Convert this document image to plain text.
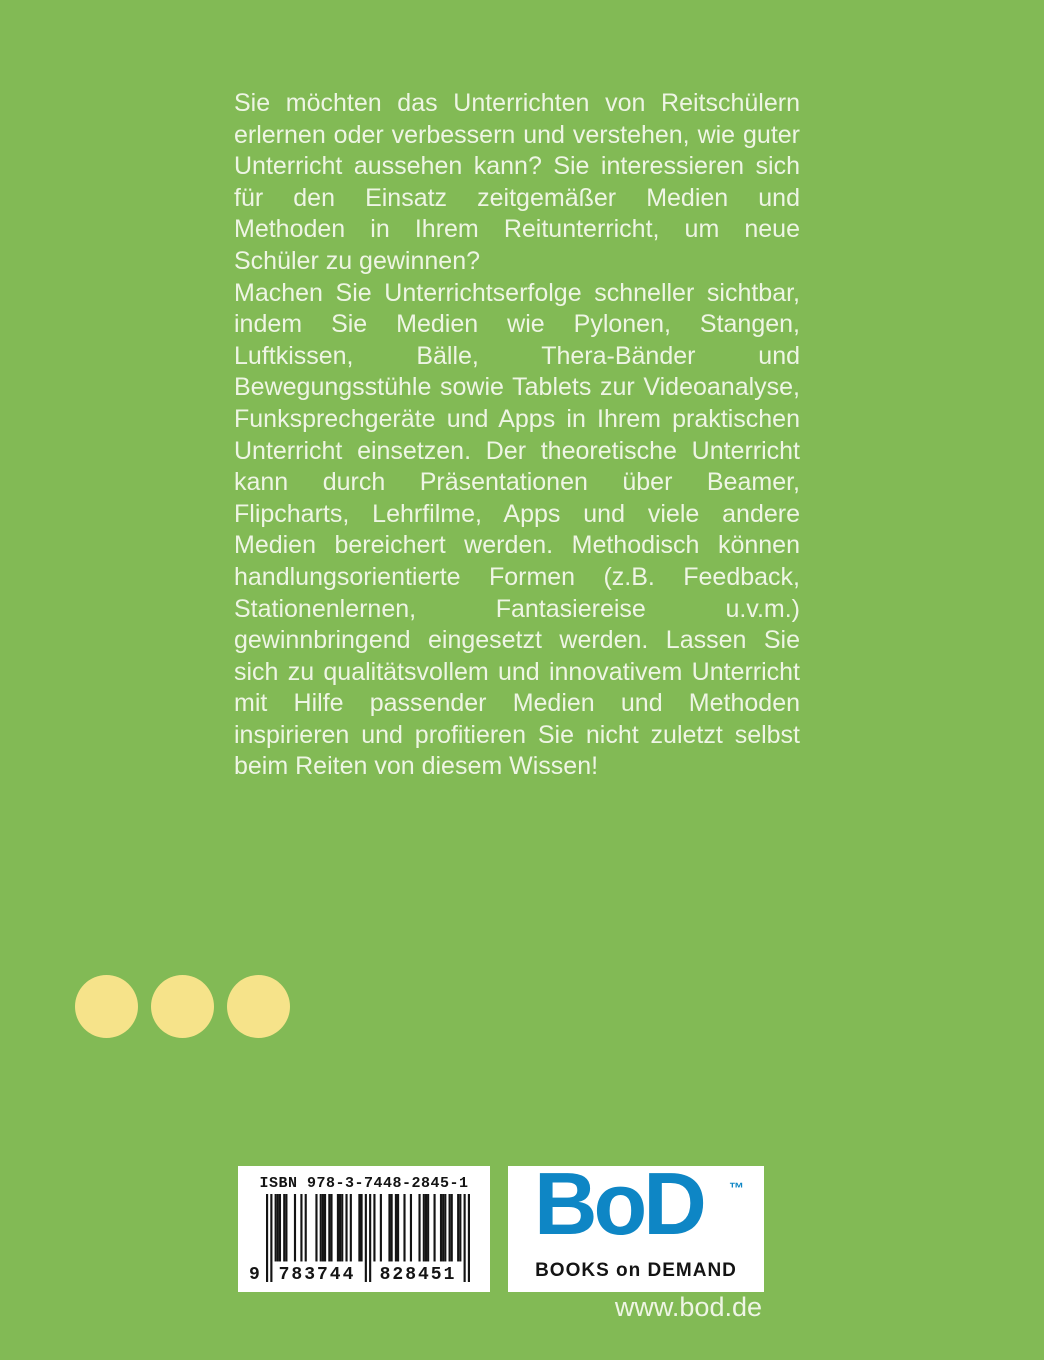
Sie möchten das Unterrichten von Reitschülern erlernen oder verbessern und verstehen, wie guter Unterricht aussehen kann? Sie interessieren sich für den Einsatz zeitgemäßer Medien und Methoden in Ihrem Reitunterricht, um neue Schüler zu gewinnen?

Machen Sie Unterrichtserfolge schneller sichtbar, indem Sie Medien wie Pylonen, Stangen, Luftkissen, Bälle, Thera-Bänder und Bewegungsstühle sowie Tablets zur Videoanalyse, Funksprechgeräte und Apps in Ihrem praktischen Unterricht einsetzen. Der theoretische Unterricht kann durch Präsentationen über Beamer, Flipcharts, Lehrfilme, Apps und viele andere Medien bereichert werden. Methodisch können handlungsorientierte Formen (z.B. Feedback, Stationenlernen, Fantasiereise u.v.m.) gewinnbringend eingesetzt werden. Lassen Sie sich zu qualitätsvollem und innovativem Unterricht mit Hilfe passender Medien und Methoden inspirieren und profitieren Sie nicht zuletzt selbst beim Reiten von diesem Wissen!

ISBN 978-3-7448-2845-1
9	783744	828451
BoD ™
BOOKS on DEMAND
www.bod.de
